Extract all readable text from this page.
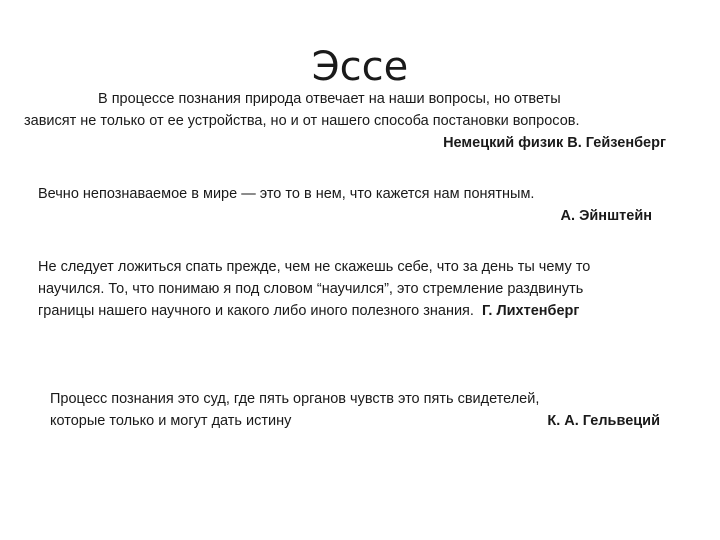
Эссе
В процессе познания природа отвечает на наши вопросы, но ответы
зависят не только от ее устройства, но и от нашего способа постановки вопросов.
Немецкий физик В. Гейзенберг
Вечно непознаваемое в мире — это то в нем, что кажется нам понятным.
А. Эйнштейн
Не следует ложиться спать прежде, чем не скажешь себе, что за день ты чему то
научился. То, что понимаю я под словом “научился”, это стремление раздвинуть
границы нашего научного и какого либо иного полезного знания. Г. Лихтенберг
Процесс познания это суд, где пять органов чувств это пять свидетелей,
которые только и могут дать истину	К. А. Гельвеций
